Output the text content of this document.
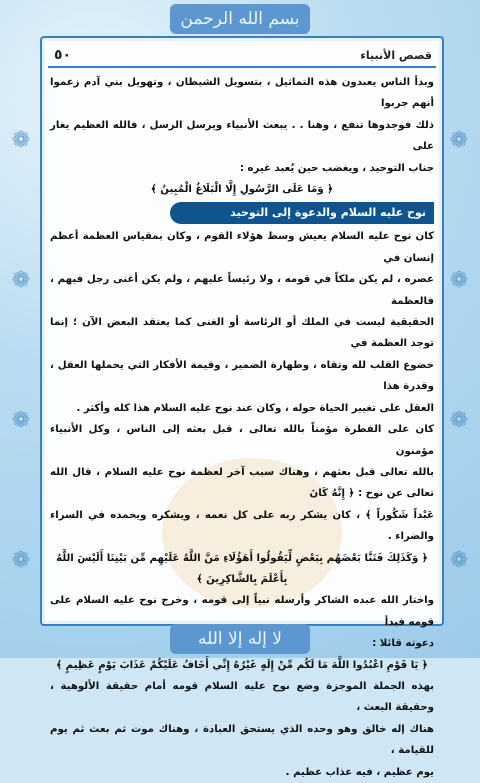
بسم الله الرحمن
❁
❁
❁
❁
❁
❁
❁
❁
قصص الأنبياء
٥٠

وبدأ الناس يعبدون هذه التماثيل ، بتسويل الشيطان ، وتهويل بني آدم زعموا أنهم جربوا

ذلك فوجدوها تنفع ، وهنا . . يبعث الأنبياء ويرسل الرسل ، فالله العظيم يغار على

جناب التوحيد ، ويغضب حين يُعبد غيره :

﴿ وَمَا عَلَى الرَّسُولِ إِلَّا الْبَلَاغُ الْمُبِينُ ﴾

نوح عليه السلام والدعوة إلى التوحيد

كان نوح عليه السلام يعيش وسط هؤلاء القوم ، وكان بمقياس العظمة أعظم إنسان في

عصره ، لم يكن ملكاً في قومه ، ولا رئيساً عليهم ، ولم يكن أغنى رجل فيهم ، فالعظمة

الحقيقية ليست في الملك أو الرئاسة أو الغنى كما يعتقد البعض الآن ؛ إنما توجد العظمة في

خضوع القلب لله وتقاه ، وطهارة الضمير ، وقيمة الأفكار التي يحملها العقل ، وقدرة هذا

العقل على تغيير الحياة حوله ، وكان عند نوح عليه السلام هذا كله وأكثر .

كان على الفطرة مؤمناً بالله تعالى ، قبل بعثه إلى الناس ، وكل الأنبياء مؤمنون

بالله تعالى قبل بعثهم ، وهناك سبب آخر لعظمة نوح عليه السلام ، قال الله تعالى عن نوح : ﴿ إِنَّهُ كَانَ

عَبْداً شَكُوراً ﴾ ، كان يشكر ربه على كل نعمه ، ويشكره ويحمده في السراء والضراء .

﴿ وَكَذَلِكَ فَتَنَّا بَعْضَهُم بِبَعْضٍ لِّيَقُولُوا أَهَؤُلَاءِ مَنَّ اللَّهُ عَلَيْهِم مِّن بَيْنِنَا أَلَيْسَ اللَّهُ بِأَعْلَمَ بِالشَّاكِرِينَ ﴾

واختار الله عبده الشاكر وأرسله نبياً إلى قومه ، وخرج نوح عليه السلام على قومه فبدأ

دعوته قائلا :

﴿ يَا قَوْمِ اعْبُدُوا اللَّهَ مَا لَكُم مِّنْ إِلَهٍ غَيْرُهُ إِنِّي أَخَافُ عَلَيْكُمْ عَذَابَ يَوْمٍ عَظِيمٍ ﴾

بهذه الجملة الموجزة وضع نوح عليه السلام قومه أمام حقيقة الألوهية ، وحقيقة البعث ،

هناك إله خالق وهو وحده الذي يستحق العبادة ، وهناك موت ثم بعث ثم يوم للقيامة ،

يوم عظيم ، فيه عذاب عظيم .

لا إله إلا الله
